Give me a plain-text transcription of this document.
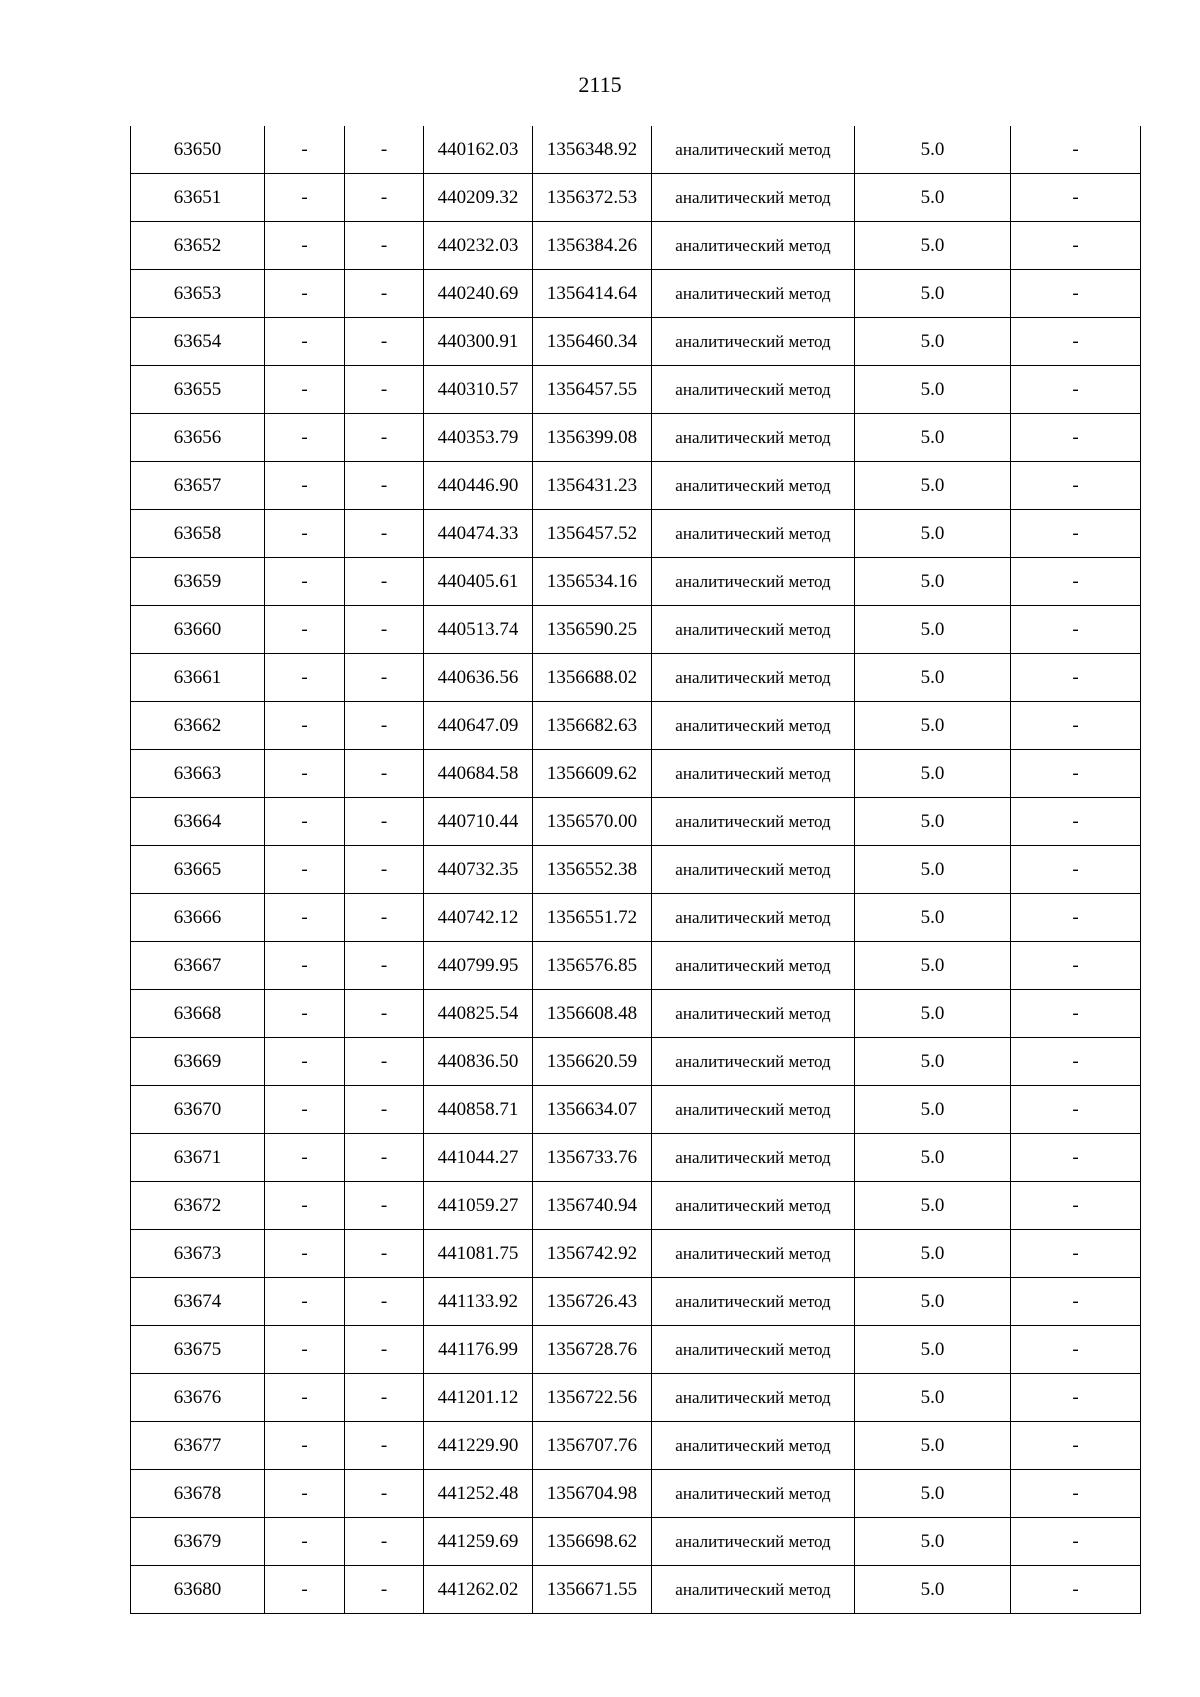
2115
63650	-	-	440162.03	1356348.92	аналитический метод	5.0	-
63651	-	-	440209.32	1356372.53	аналитический метод	5.0	-
63652	-	-	440232.03	1356384.26	аналитический метод	5.0	-
63653	-	-	440240.69	1356414.64	аналитический метод	5.0	-
63654	-	-	440300.91	1356460.34	аналитический метод	5.0	-
63655	-	-	440310.57	1356457.55	аналитический метод	5.0	-
63656	-	-	440353.79	1356399.08	аналитический метод	5.0	-
63657	-	-	440446.90	1356431.23	аналитический метод	5.0	-
63658	-	-	440474.33	1356457.52	аналитический метод	5.0	-
63659	-	-	440405.61	1356534.16	аналитический метод	5.0	-
63660	-	-	440513.74	1356590.25	аналитический метод	5.0	-
63661	-	-	440636.56	1356688.02	аналитический метод	5.0	-
63662	-	-	440647.09	1356682.63	аналитический метод	5.0	-
63663	-	-	440684.58	1356609.62	аналитический метод	5.0	-
63664	-	-	440710.44	1356570.00	аналитический метод	5.0	-
63665	-	-	440732.35	1356552.38	аналитический метод	5.0	-
63666	-	-	440742.12	1356551.72	аналитический метод	5.0	-
63667	-	-	440799.95	1356576.85	аналитический метод	5.0	-
63668	-	-	440825.54	1356608.48	аналитический метод	5.0	-
63669	-	-	440836.50	1356620.59	аналитический метод	5.0	-
63670	-	-	440858.71	1356634.07	аналитический метод	5.0	-
63671	-	-	441044.27	1356733.76	аналитический метод	5.0	-
63672	-	-	441059.27	1356740.94	аналитический метод	5.0	-
63673	-	-	441081.75	1356742.92	аналитический метод	5.0	-
63674	-	-	441133.92	1356726.43	аналитический метод	5.0	-
63675	-	-	441176.99	1356728.76	аналитический метод	5.0	-
63676	-	-	441201.12	1356722.56	аналитический метод	5.0	-
63677	-	-	441229.90	1356707.76	аналитический метод	5.0	-
63678	-	-	441252.48	1356704.98	аналитический метод	5.0	-
63679	-	-	441259.69	1356698.62	аналитический метод	5.0	-
63680	-	-	441262.02	1356671.55	аналитический метод	5.0	-
